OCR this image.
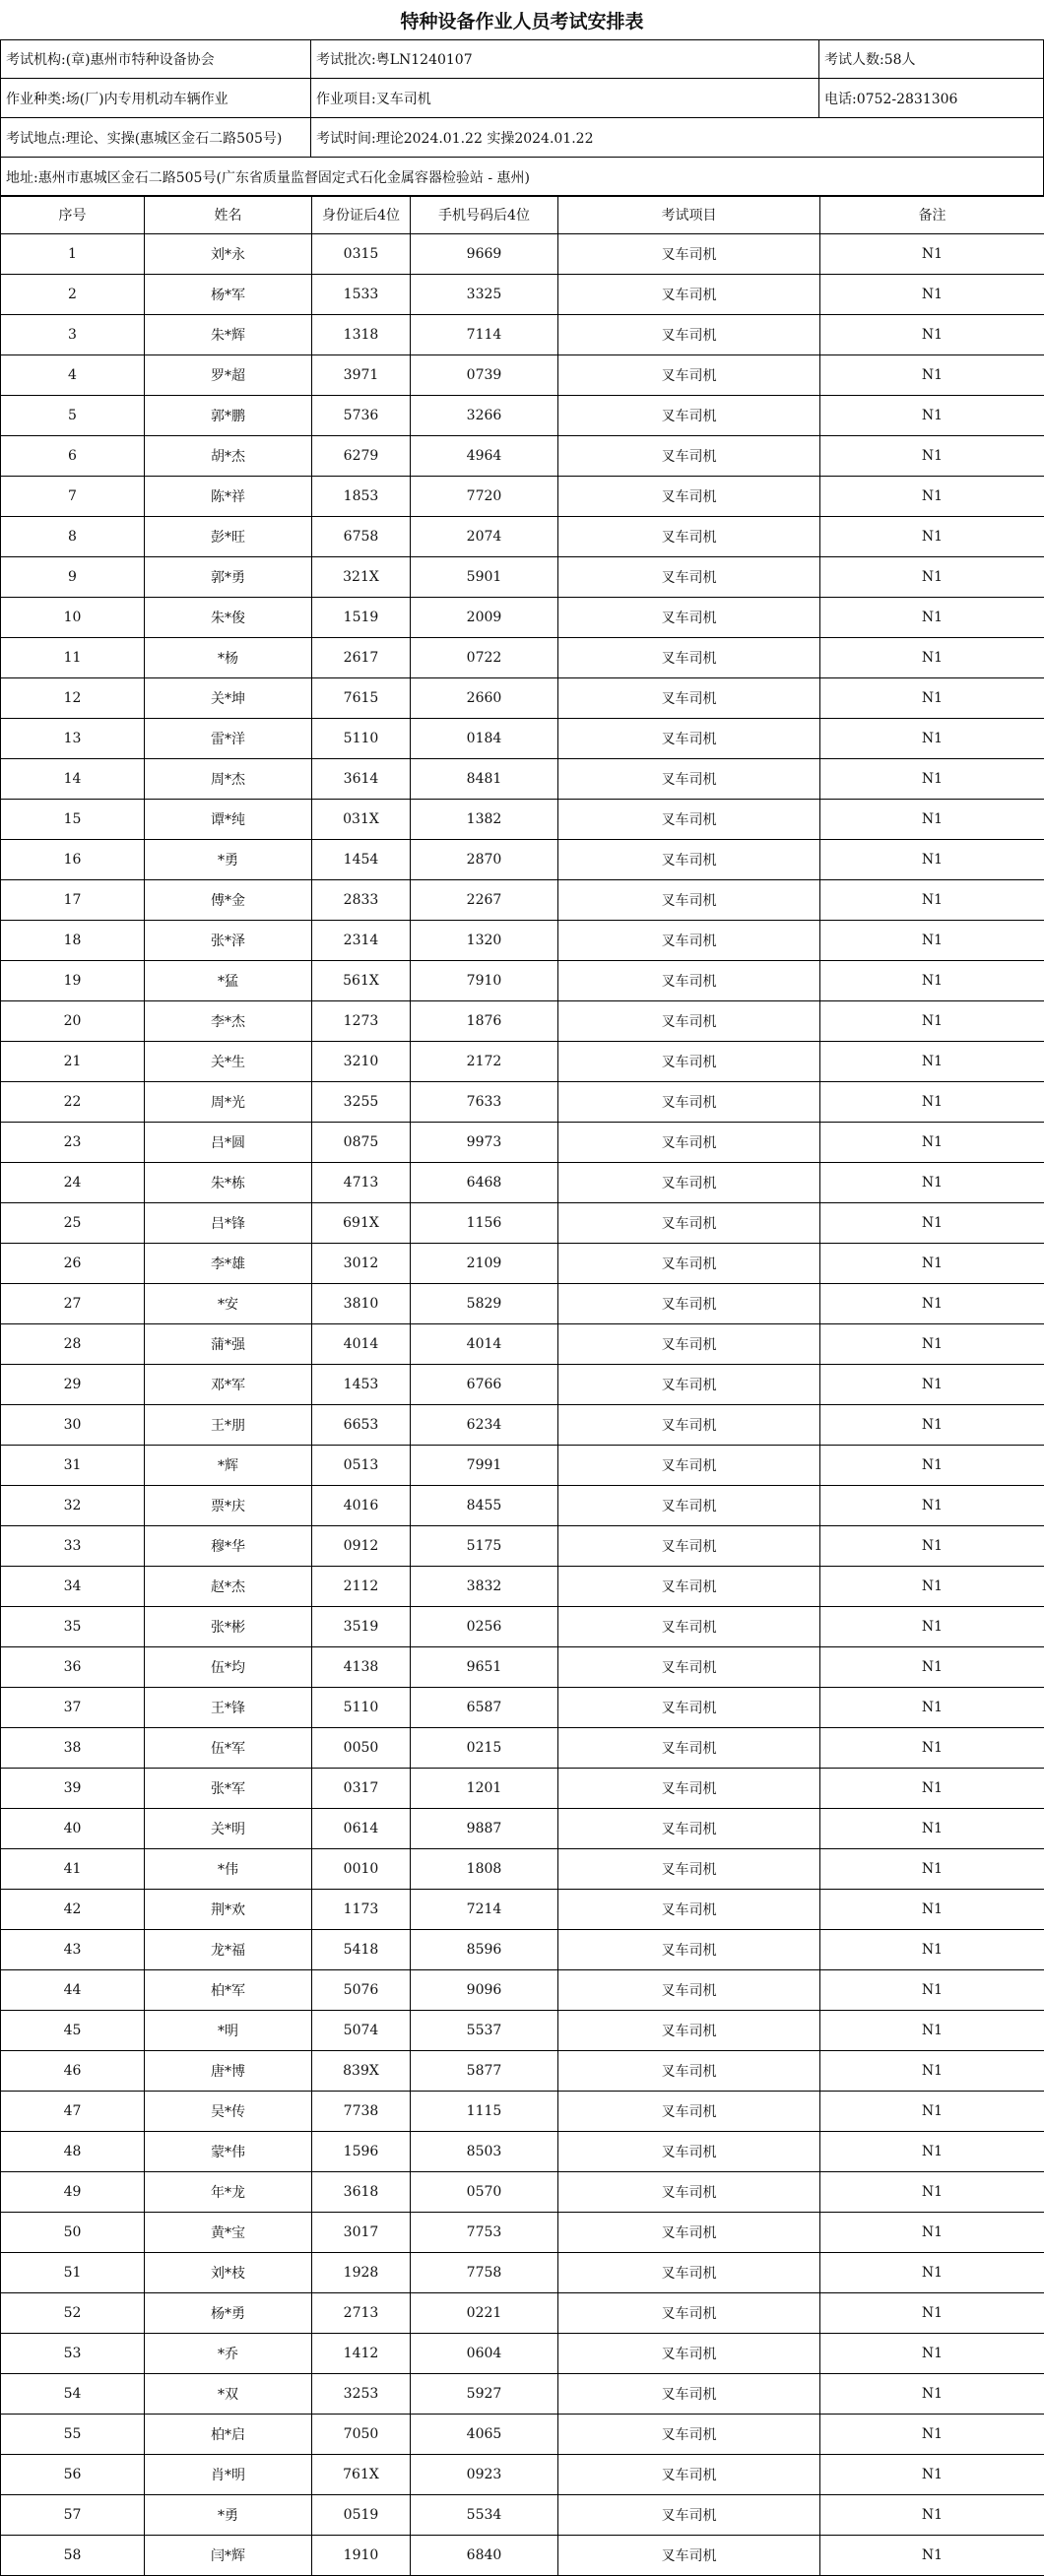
特种设备作业人员考试安排表
考试机构:(章)惠州市特种设备协会	考试批次:粤LN1240107	考试人数:58人
作业种类:场(厂)内专用机动车辆作业	作业项目:叉车司机	电话:0752-2831306
考试地点:理论、实操(惠城区金石二路505号)	考试时间:理论2024.01.22 实操2024.01.22
地址:惠州市惠城区金石二路505号(广东省质量监督固定式石化金属容器检验站 - 惠州)
序号	姓名	身份证后4位	手机号码后4位	考试项目	备注
1	刘*永	0315	9669	叉车司机	N1
2	杨*军	1533	3325	叉车司机	N1
3	朱*辉	1318	7114	叉车司机	N1
4	罗*超	3971	0739	叉车司机	N1
5	郭*鹏	5736	3266	叉车司机	N1
6	胡*杰	6279	4964	叉车司机	N1
7	陈*祥	1853	7720	叉车司机	N1
8	彭*旺	6758	2074	叉车司机	N1
9	郭*勇	321X	5901	叉车司机	N1
10	朱*俊	1519	2009	叉车司机	N1
11	*杨	2617	0722	叉车司机	N1
12	关*坤	7615	2660	叉车司机	N1
13	雷*洋	5110	0184	叉车司机	N1
14	周*杰	3614	8481	叉车司机	N1
15	谭*纯	031X	1382	叉车司机	N1
16	*勇	1454	2870	叉车司机	N1
17	傅*金	2833	2267	叉车司机	N1
18	张*泽	2314	1320	叉车司机	N1
19	*猛	561X	7910	叉车司机	N1
20	李*杰	1273	1876	叉车司机	N1
21	关*生	3210	2172	叉车司机	N1
22	周*光	3255	7633	叉车司机	N1
23	吕*圆	0875	9973	叉车司机	N1
24	朱*栋	4713	6468	叉车司机	N1
25	吕*锋	691X	1156	叉车司机	N1
26	李*雄	3012	2109	叉车司机	N1
27	*安	3810	5829	叉车司机	N1
28	蒲*强	4014	4014	叉车司机	N1
29	邓*军	1453	6766	叉车司机	N1
30	王*朋	6653	6234	叉车司机	N1
31	*辉	0513	7991	叉车司机	N1
32	票*庆	4016	8455	叉车司机	N1
33	穆*华	0912	5175	叉车司机	N1
34	赵*杰	2112	3832	叉车司机	N1
35	张*彬	3519	0256	叉车司机	N1
36	伍*均	4138	9651	叉车司机	N1
37	王*锋	5110	6587	叉车司机	N1
38	伍*军	0050	0215	叉车司机	N1
39	张*军	0317	1201	叉车司机	N1
40	关*明	0614	9887	叉车司机	N1
41	*伟	0010	1808	叉车司机	N1
42	荆*欢	1173	7214	叉车司机	N1
43	龙*福	5418	8596	叉车司机	N1
44	柏*军	5076	9096	叉车司机	N1
45	*明	5074	5537	叉车司机	N1
46	唐*博	839X	5877	叉车司机	N1
47	吴*传	7738	1115	叉车司机	N1
48	蒙*伟	1596	8503	叉车司机	N1
49	年*龙	3618	0570	叉车司机	N1
50	黄*宝	3017	7753	叉车司机	N1
51	刘*枝	1928	7758	叉车司机	N1
52	杨*勇	2713	0221	叉车司机	N1
53	*乔	1412	0604	叉车司机	N1
54	*双	3253	5927	叉车司机	N1
55	柏*启	7050	4065	叉车司机	N1
56	肖*明	761X	0923	叉车司机	N1
57	*勇	0519	5534	叉车司机	N1
58	闫*辉	1910	6840	叉车司机	N1
